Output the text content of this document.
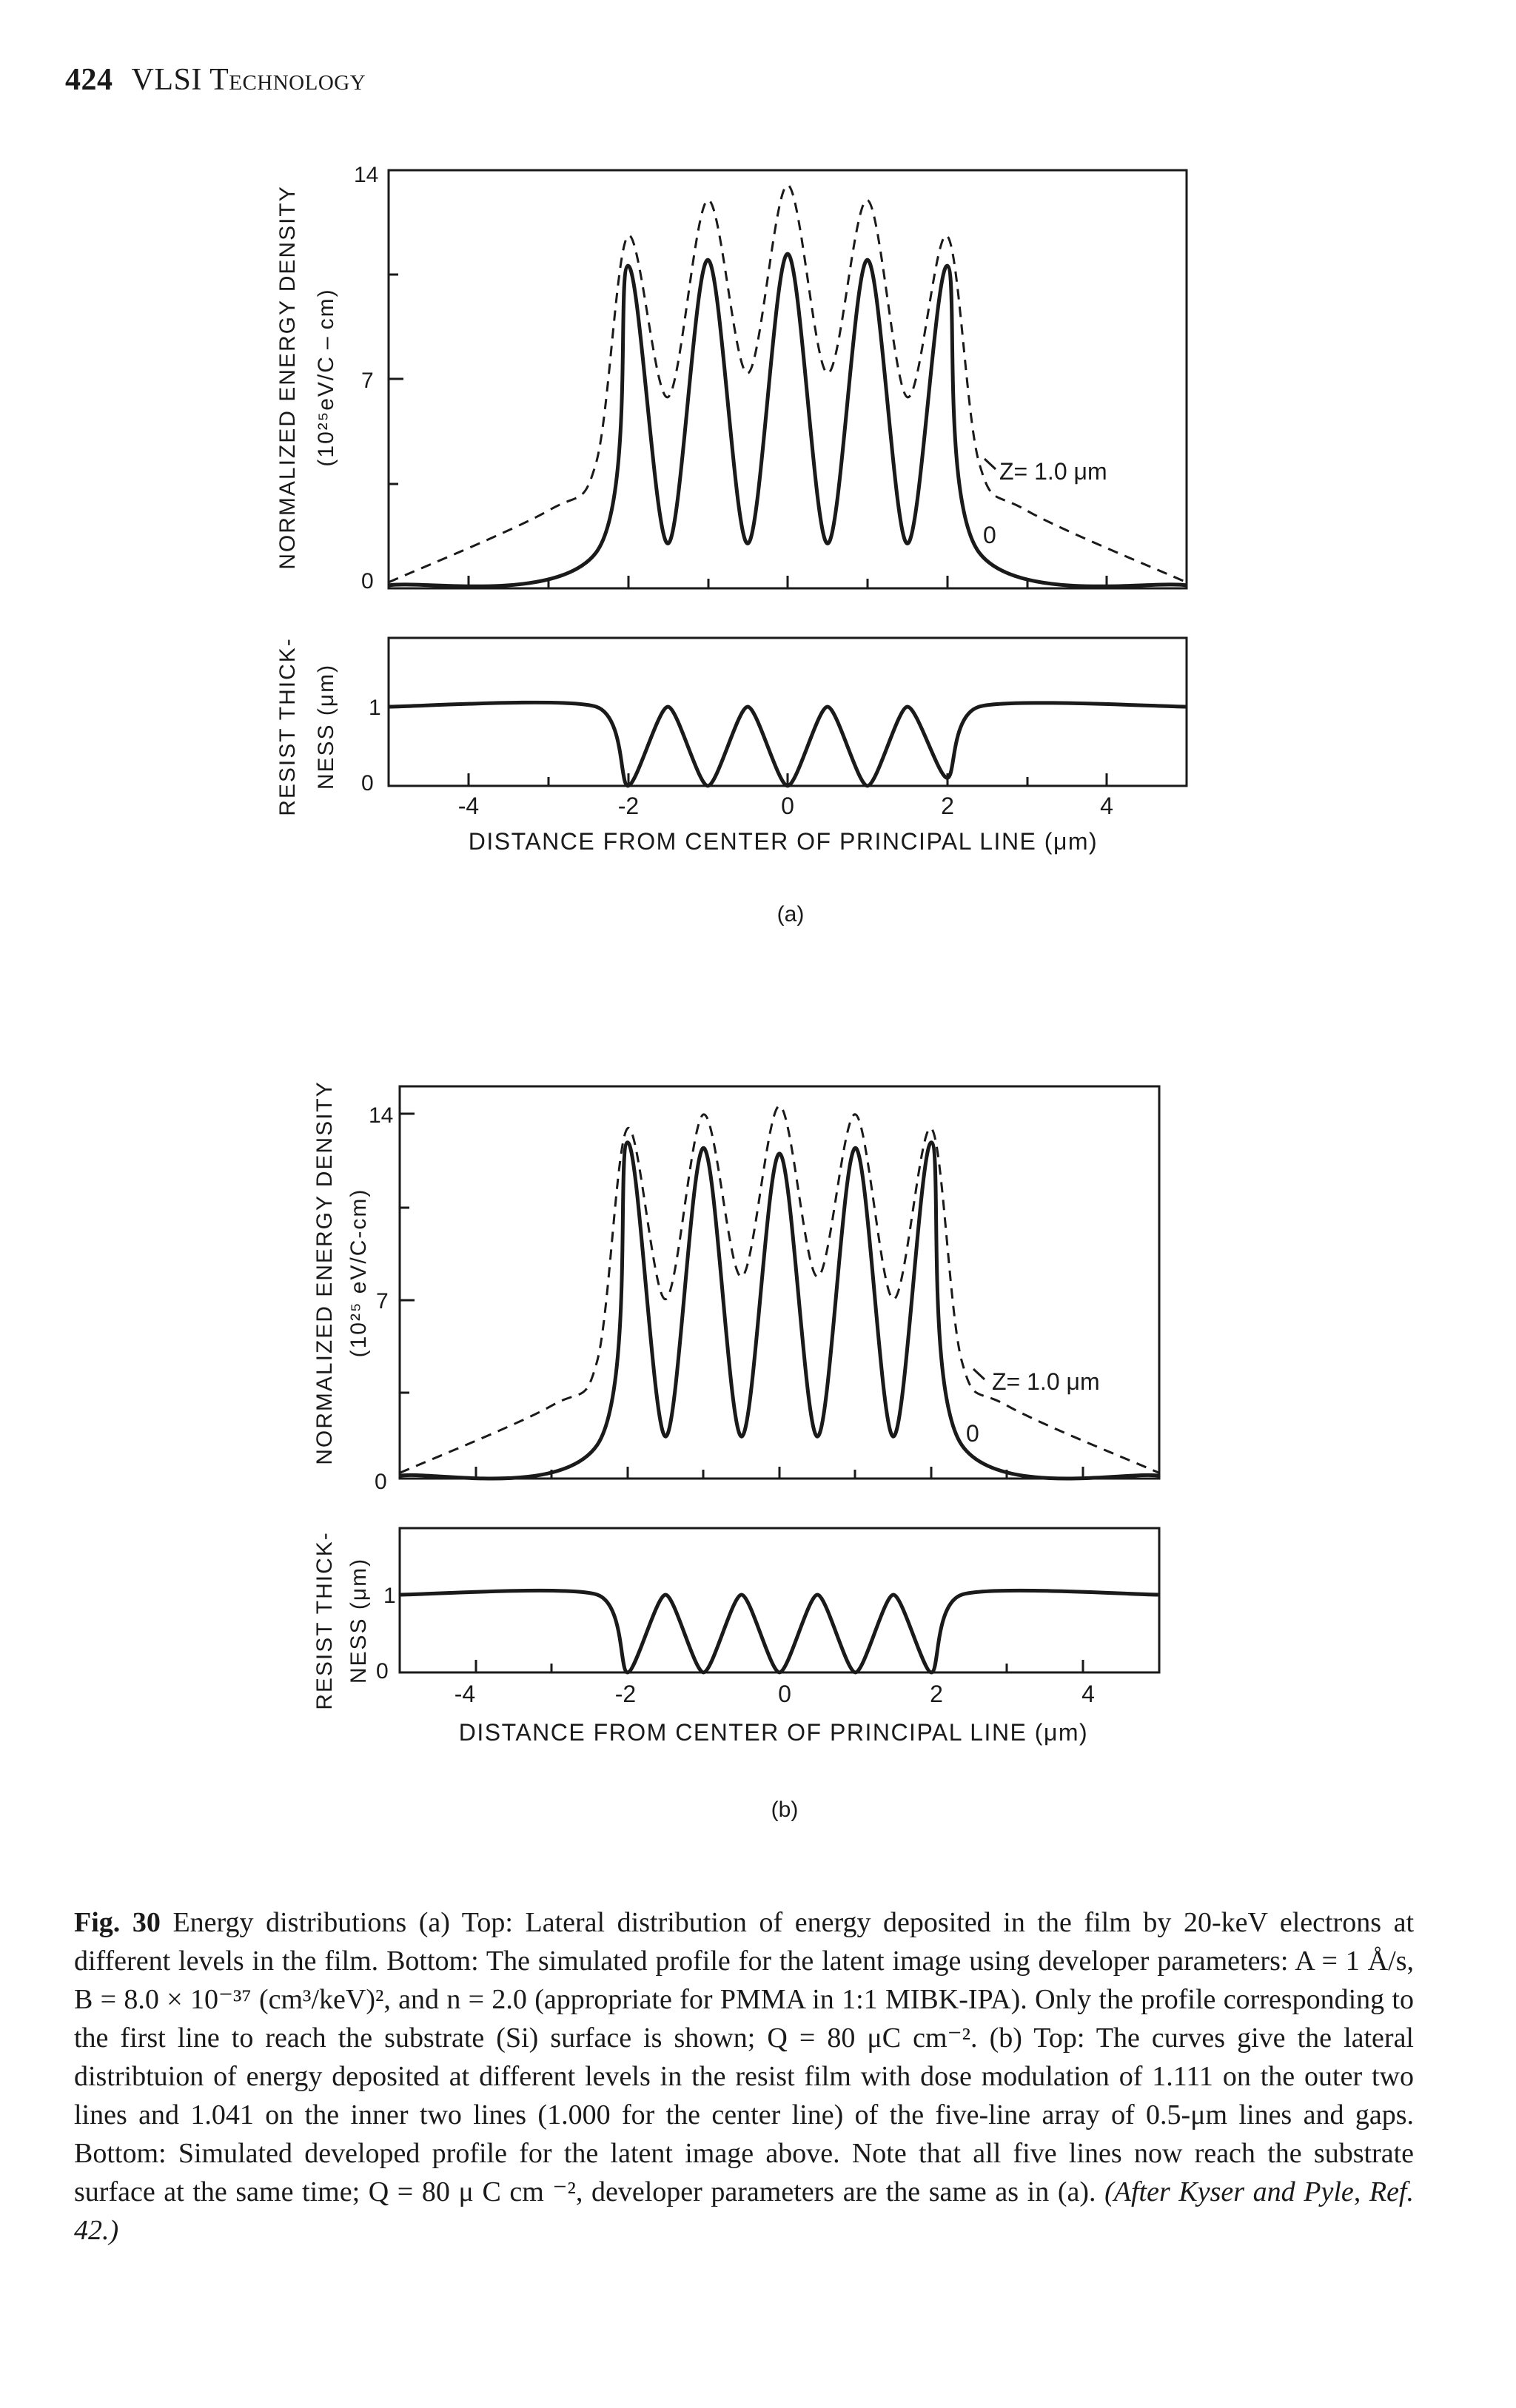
424 VLSI Technology
14
7
0
NORMALIZED ENERGY DENSITY (10²⁵eV/C – cm)
Z= 1.0 μm
0
1
0
RESIST THICK- NESS (μm)
-4	-2	0	2	4
DISTANCE FROM CENTER OF PRINCIPAL LINE (μm)
(a)
14
7
0
NORMALIZED ENERGY DENSITY (10²⁵ eV/C-cm)
Z= 1.0 μm
0
1
0
RESIST THICK- NESS (μm)
-4	-2	0	2	4
DISTANCE FROM CENTER OF PRINCIPAL LINE (μm)
(b)
Fig. 30 Energy distributions (a) Top: Lateral distribution of energy deposited in the film by 20-keV electrons at different levels in the film. Bottom: The simulated profile for the latent image using developer parameters: A = 1 Å/s, B = 8.0 × 10⁻³⁷ (cm³/keV)², and n = 2.0 (appropriate for PMMA in 1:1 MIBK-IPA). Only the profile corresponding to the first line to reach the substrate (Si) surface is shown; Q = 80 μC cm⁻². (b) Top: The curves give the lateral distribtuion of energy deposited at different levels in the resist film with dose modulation of 1.111 on the outer two lines and 1.041 on the inner two lines (1.000 for the center line) of the five-line array of 0.5-μm lines and gaps. Bottom: Simulated developed profile for the latent image above. Note that all five lines now reach the substrate surface at the same time; Q = 80 μ C cm ⁻², developer parameters are the same as in (a). (After Kyser and Pyle, Ref. 42.)
